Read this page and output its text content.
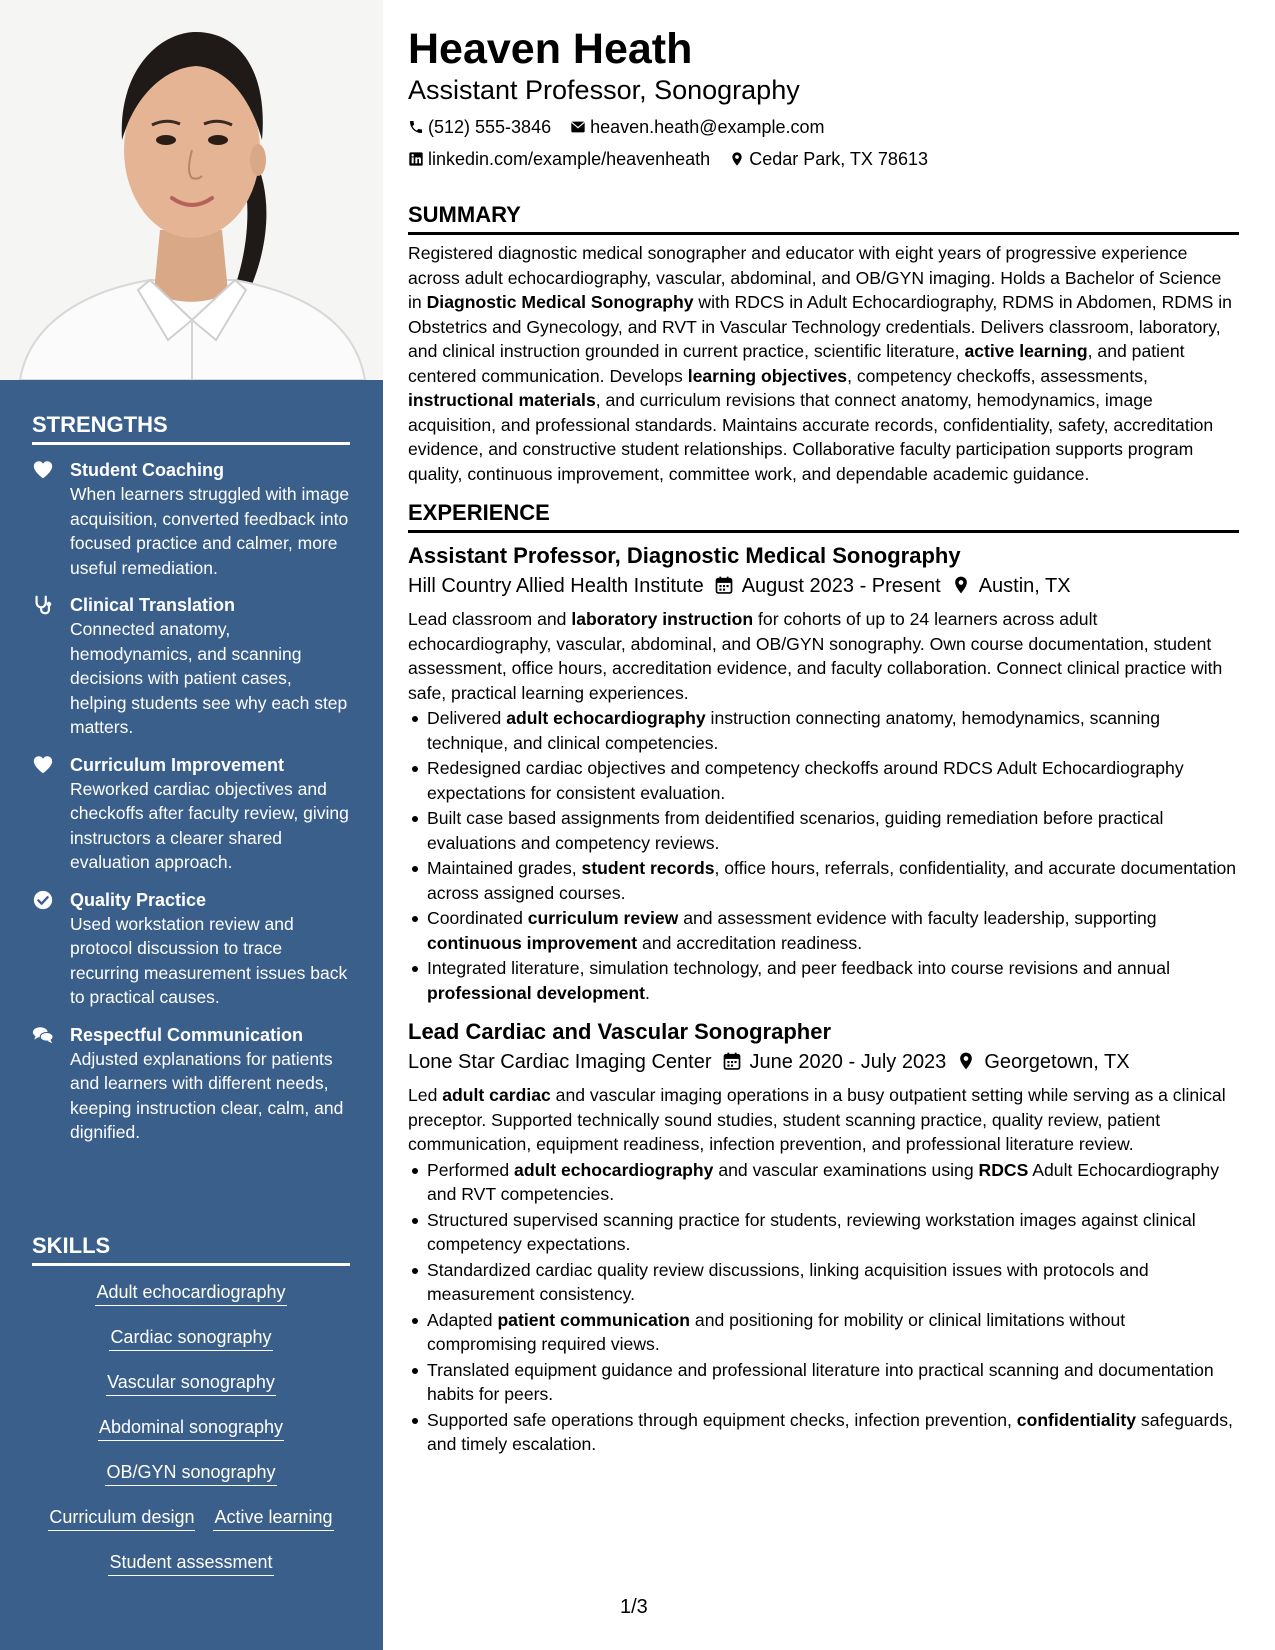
STRENGTHS
Student Coaching
When learners struggled with image acquisition, converted feedback into focused practice and calmer, more useful remediation.
Clinical Translation
Connected anatomy, hemodynamics, and scanning decisions with patient cases, helping students see why each step matters.
Curriculum Improvement
Reworked cardiac objectives and checkoffs after faculty review, giving instructors a clearer shared evaluation approach.
Quality Practice
Used workstation review and protocol discussion to trace recurring measurement issues back to practical causes.
Respectful Communication
Adjusted explanations for patients and learners with different needs, keeping instruction clear, calm, and dignified.
SKILLS
Adult echocardiography
Cardiac sonography
Vascular sonography
Abdominal sonography
OB/GYN sonography
Curriculum design Active learning
Student assessment
Heaven Heath
Assistant Professor, Sonography
(512) 555-3846 heaven.heath@example.com
linkedin.com/example/heavenheath Cedar Park, TX 78613
SUMMARY

Registered diagnostic medical sonographer and educator with eight years of progressive experience across adult echocardiography, vascular, abdominal, and OB/GYN imaging. Holds a Bachelor of Science in Diagnostic Medical Sonography with RDCS in Adult Echocardiography, RDMS in Abdomen, RDMS in Obstetrics and Gynecology, and RVT in Vascular Technology credentials. Delivers classroom, laboratory, and clinical instruction grounded in current practice, scientific literature, active learning, and patient centered communication. Develops learning objectives, competency checkoffs, assessments, instructional materials, and curriculum revisions that connect anatomy, hemodynamics, image acquisition, and professional standards. Maintains accurate records, confidentiality, safety, accreditation evidence, and constructive student relationships. Collaborative faculty participation supports program quality, continuous improvement, committee work, and dependable academic guidance.

EXPERIENCE
Assistant Professor, Diagnostic Medical Sonography
Hill Country Allied Health Institute August 2023 - Present Austin, TX

Lead classroom and laboratory instruction for cohorts of up to 24 learners across adult echocardiography, vascular, abdominal, and OB/GYN sonography. Own course documentation, student assessment, office hours, accreditation evidence, and faculty collaboration. Connect clinical practice with safe, practical learning experiences.

Delivered adult echocardiography instruction connecting anatomy, hemodynamics, scanning technique, and clinical competencies.
Redesigned cardiac objectives and competency checkoffs around RDCS Adult Echocardiography expectations for consistent evaluation.
Built case based assignments from deidentified scenarios, guiding remediation before practical evaluations and competency reviews.
Maintained grades, student records, office hours, referrals, confidentiality, and accurate documentation across assigned courses.
Coordinated curriculum review and assessment evidence with faculty leadership, supporting continuous improvement and accreditation readiness.
Integrated literature, simulation technology, and peer feedback into course revisions and annual professional development.
Lead Cardiac and Vascular Sonographer
Lone Star Cardiac Imaging Center June 2020 - July 2023 Georgetown, TX

Led adult cardiac and vascular imaging operations in a busy outpatient setting while serving as a clinical preceptor. Supported technically sound studies, student scanning practice, quality review, patient communication, equipment readiness, infection prevention, and professional literature review.

Performed adult echocardiography and vascular examinations using RDCS Adult Echocardiography and RVT competencies.
Structured supervised scanning practice for students, reviewing workstation images against clinical competency expectations.
Standardized cardiac quality review discussions, linking acquisition issues with protocols and measurement consistency.
Adapted patient communication and positioning for mobility or clinical limitations without compromising required views.
Translated equipment guidance and professional literature into practical scanning and documentation habits for peers.
Supported safe operations through equipment checks, infection prevention, confidentiality safeguards, and timely escalation.
1/3
